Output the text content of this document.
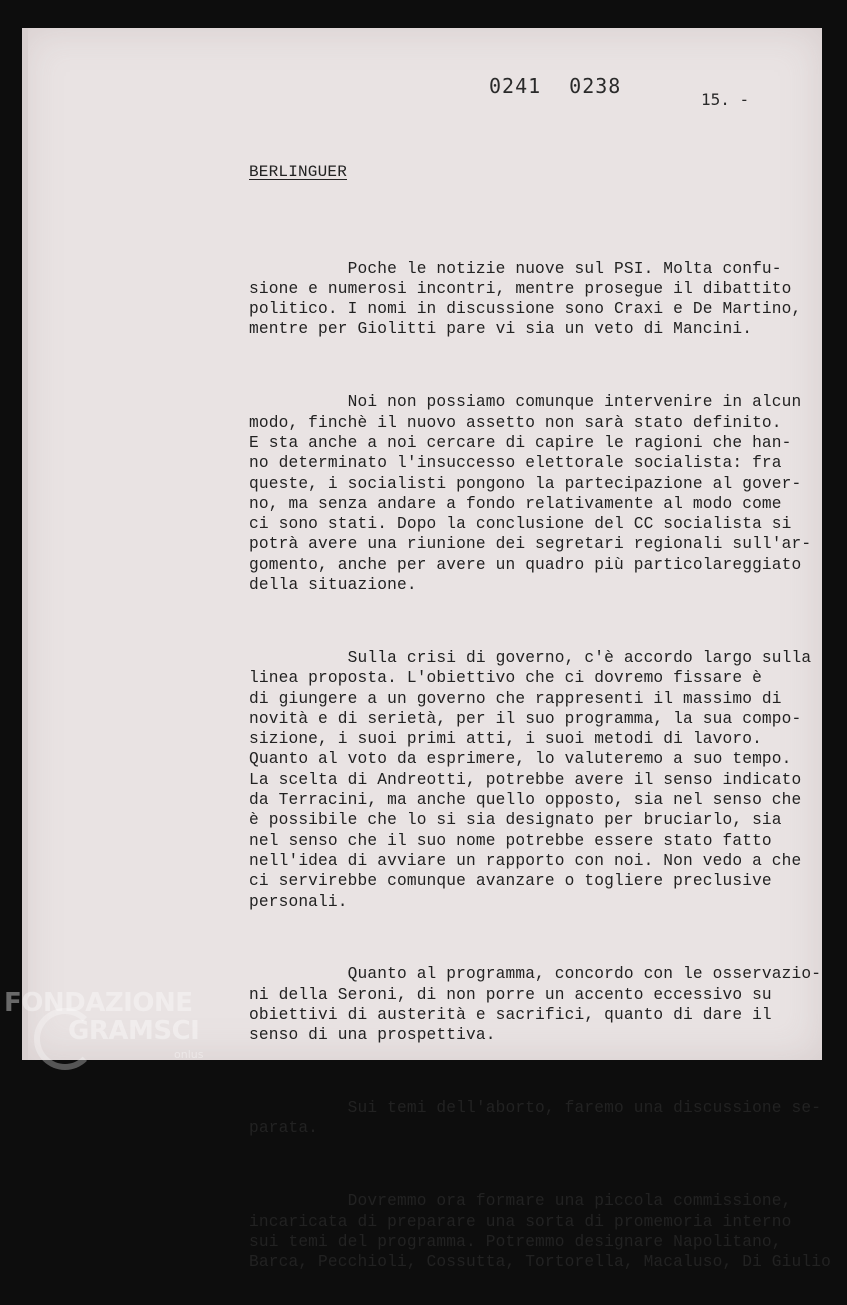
0241 0238
15. -
BERLINGUER

Poche le notizie nuove sul PSI. Molta confu-
sione e numerosi incontri, mentre prosegue il dibattito
politico. I nomi in discussione sono Craxi e De Martino,
mentre per Giolitti pare vi sia un veto di Mancini.

Noi non possiamo comunque intervenire in alcun
modo, finchè il nuovo assetto non sarà stato definito.
E sta anche a noi cercare di capire le ragioni che han-
no determinato l'insuccesso elettorale socialista: fra
queste, i socialisti pongono la partecipazione al gover-
no, ma senza andare a fondo relativamente al modo come
ci sono stati. Dopo la conclusione del CC socialista si
potrà avere una riunione dei segretari regionali sull'ar-
gomento, anche per avere un quadro più particolareggiato
della situazione.

Sulla crisi di governo, c'è accordo largo sulla
linea proposta. L'obiettivo che ci dovremo fissare è
di giungere a un governo che rappresenti il massimo di
novità e di serietà, per il suo programma, la sua compo-
sizione, i suoi primi atti, i suoi metodi di lavoro.
Quanto al voto da esprimere, lo valuteremo a suo tempo.
La scelta di Andreotti, potrebbe avere il senso indicato
da Terracini, ma anche quello opposto, sia nel senso che
è possibile che lo si sia designato per bruciarlo, sia
nel senso che il suo nome potrebbe essere stato fatto
nell'idea di avviare un rapporto con noi. Non vedo a che
ci servirebbe comunque avanzare o togliere preclusive
personali.

Quanto al programma, concordo con le osservazio-
ni della Seroni, di non porre un accento eccessivo su
obiettivi di austerità e sacrifici, quanto di dare il
senso di una prospettiva.

Sui temi dell'aborto, faremo una discussione se-
parata.

Dovremmo ora formare una piccola commissione,
incaricata di preparare una sorta di promemoria interno
sui temi del programma. Potremmo designare Napolitano,
Barca, Pecchioli, Cossutta, Tortorella, Macaluso, Di Giulio

FONDAZIONE
GRAMSCI
onlus
